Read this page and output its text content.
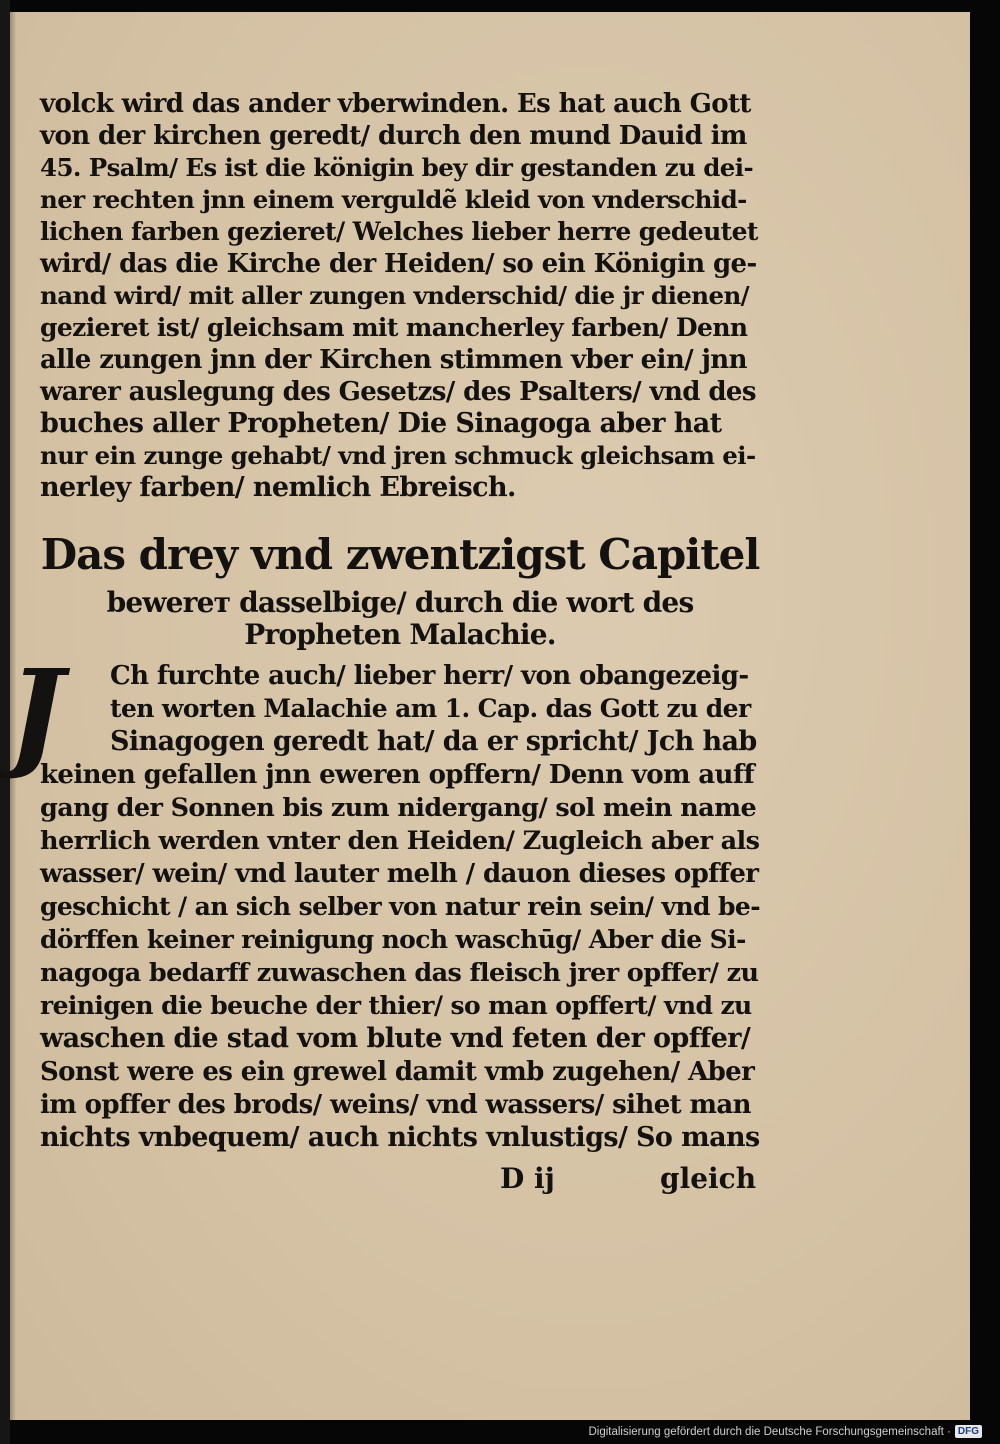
Das drey vnd zwentzigst Capitel
bewerет dasselbige/ durch die wort des
Propheten Malachie.
D ij	gleich
volck wird das ander vberwinden. Es hat auch Gott
von der kirchen geredt/ durch den mund Dauid im
45. Psalm/ Es ist die königin bey dir gestanden zu dei-
ner rechten jnn einem verguldẽ kleid von vnderschid-
lichen farben gezieret/ Welches lieber herre gedeutet
wird/ das die Kirche der Heiden/ so ein Königin ge-
nand wird/ mit aller zungen vnderschid/ die jr dienen/
gezieret ist/ gleichsam mit mancherley farben/ Denn
alle zungen jnn der Kirchen stimmen vber ein/ jnn
warer auslegung des Gesetzs/ des Psalters/ vnd des
buches aller Propheten/ Die Sinagoga aber hat
nur ein zunge gehabt/ vnd jren schmuck gleichsam ei-
nerley farben/ nemlich Ebreisch.
Ch furchte auch/ lieber herr/ von obangezeig-
ten worten Malachie am 1. Cap. das Gott zu der
Sinagogen geredt hat/ da er spricht/ Jch hab
keinen gefallen jnn eweren opffern/ Denn vom auff
gang der Sonnen bis zum nidergang/ sol mein name
herrlich werden vnter den Heiden/ Zugleich aber als
wasser/ wein/ vnd lauter melh / dauon dieses opffer
geschicht / an sich selber von natur rein sein/ vnd be-
dörffen keiner reinigung noch waschūg/ Aber die Si-
nagoga bedarff zuwaschen das fleisch jrer opffer/ zu
reinigen die beuche der thier/ so man opffert/ vnd zu
waschen die stad vom blute vnd feten der opffer/
Sonst were es ein grewel damit vmb zugehen/ Aber
im opffer des brods/ weins/ vnd wassers/ sihet man
nichts vnbequem/ auch nichts vnlustigs/ So mans
J
Digitalisierung gefördert durch die Deutsche Forschungsgemeinschaft · DFG
